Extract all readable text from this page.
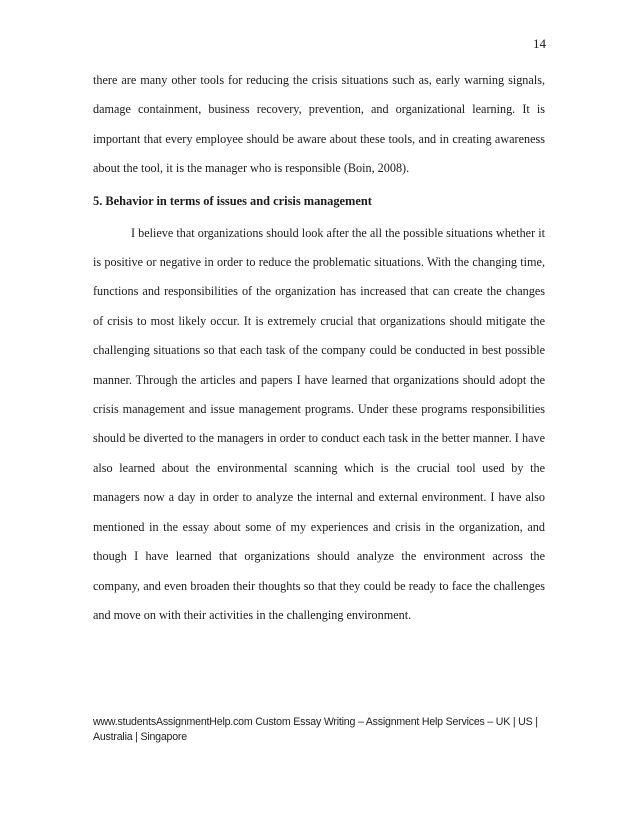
14

there are many other tools for reducing the crisis situations such as, early warning signals, damage containment, business recovery, prevention, and organizational learning. It is important that every employee should be aware about these tools, and in creating awareness about the tool, it is the manager who is responsible (Boin, 2008).

5. Behavior in terms of issues and crisis management

I believe that organizations should look after the all the possible situations whether it is positive or negative in order to reduce the problematic situations. With the changing time, functions and responsibilities of the organization has increased that can create the changes of crisis to most likely occur. It is extremely crucial that organizations should mitigate the challenging situations so that each task of the company could be conducted in best possible manner. Through the articles and papers I have learned that organizations should adopt the crisis management and issue management programs. Under these programs responsibilities should be diverted to the managers in order to conduct each task in the better manner. I have also learned about the environmental scanning which is the crucial tool used by the managers now a day in order to analyze the internal and external environment. I have also mentioned in the essay about some of my experiences and crisis in the organization, and though I have learned that organizations should analyze the environment across the company, and even broaden their thoughts so that they could be ready to face the challenges and move on with their activities in the challenging environment.

www.studentsAssignmentHelp.com Custom Essay Writing – Assignment Help Services – UK | US | Australia | Singapore
